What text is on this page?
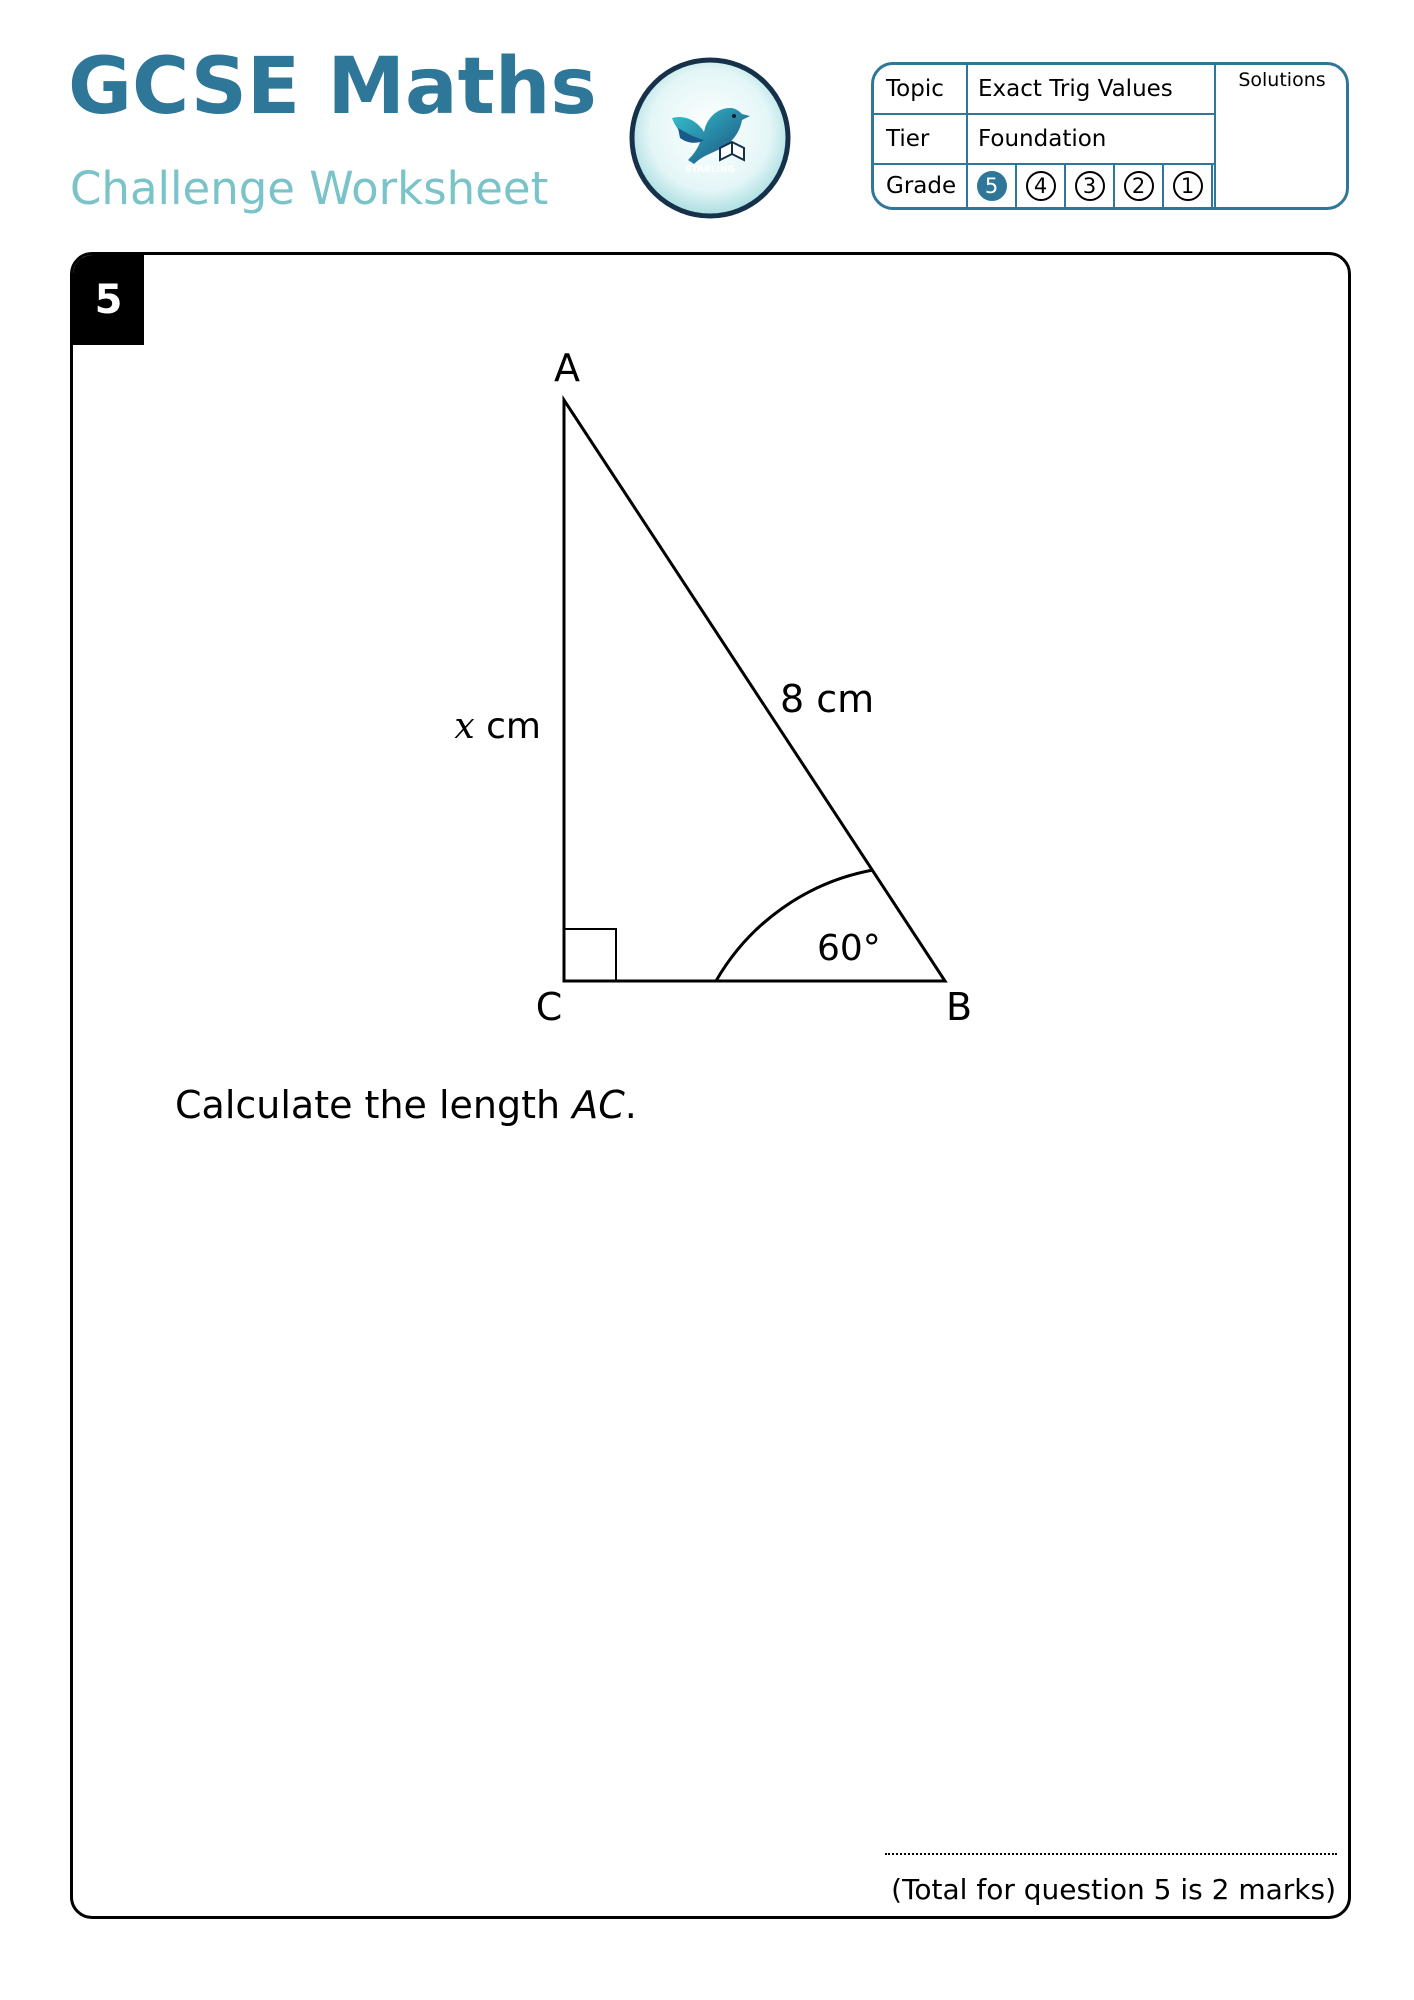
GCSE Maths

Challenge Worksheet	STARLING
Topic	Exact Trig Values
Tier	Foundation
Grade	5	4	3	2	1
Solutions
5
A
C	B
x cm
8 cm
60°

Calculate the length AC.

(Total for question 5 is 2 marks)
